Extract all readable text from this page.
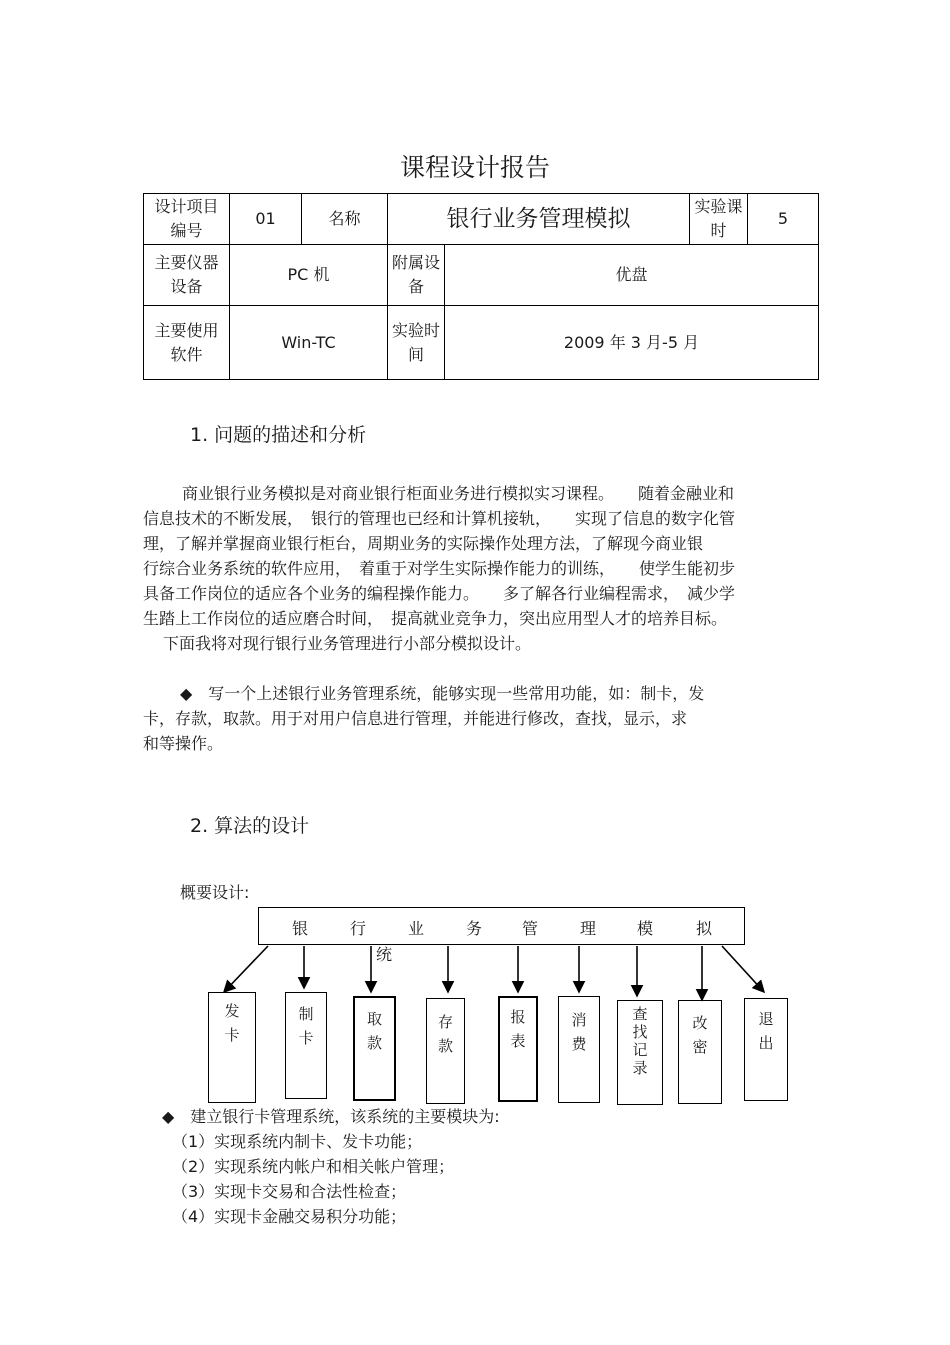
课程设计报告
设计项目编号	01	名称	银行业务管理模拟		实验课时	5
主要仪器设备	PC 机		附属设备	优盘		
主要使用软件	Win-TC		实验时间	2009 年 3 月-5 月		
1. 问题的描述和分析
商业银行业务模拟是对商业银行柜面业务进行模拟实习课程。　　随着金融业和
信息技术的不断发展，　银行的管理也已经和计算机接轨，　　实现了信息的数字化管
理，了解并掌握商业银行柜台，周期业务的实际操作处理方法，了解现今商业银
行综合业务系统的软件应用，　着重于对学生实际操作能力的训练，　　使学生能初步
具备工作岗位的适应各个业务的编程操作能力。　　多了解各行业编程需求，　减少学
生踏上工作岗位的适应磨合时间，　提高就业竞争力，突出应用型人才的培养目标。
下面我将对现行银行业务管理进行小部分模拟设计。
◆　写一个上述银行业务管理系统，能够实现一些常用功能，如：制卡，发
卡，存款，取款。用于对用户信息进行管理，并能进行修改，查找，显示，求
和等操作。
2. 算法的设计
概要设计:
银	行	业	务 管	理	模	拟
统
发卡
制卡
取款
存款
报表
消费
查找记录
改密
退出
◆　建立银行卡管理系统，该系统的主要模块为:
（1）实现系统内制卡、发卡功能；
（2）实现系统内帐户和相关帐户管理；
（3）实现卡交易和合法性检查；
（4）实现卡金融交易积分功能；
